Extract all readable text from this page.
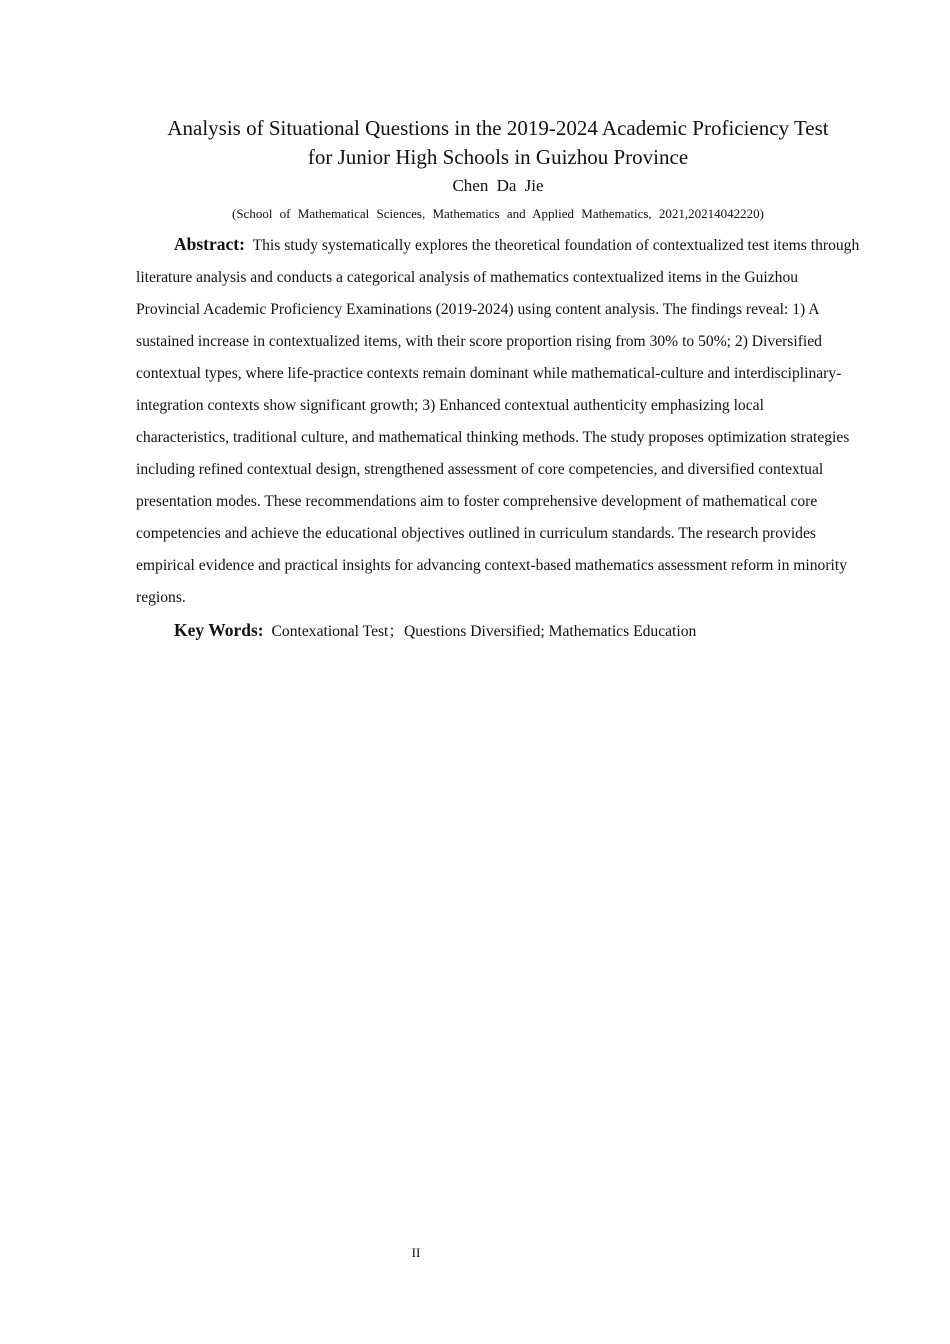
Analysis of Situational Questions in the 2019-2024 Academic Proficiency Test
for Junior High Schools in Guizhou Province

Chen Da Jie

(School of Mathematical Sciences, Mathematics and Applied Mathematics, 2021,20214042220)

Abstract: This study systematically explores the theoretical foundation of contextualized test items through literature analysis and conducts a categorical analysis of mathematics contextualized items in the Guizhou Provincial Academic Proficiency Examinations (2019-2024) using content analysis. The findings reveal: 1) A sustained increase in contextualized items, with their score proportion rising from 30% to 50%; 2) Diversified contextual types, where life-practice contexts remain dominant while mathematical-culture and interdisciplinary-integration contexts show significant growth; 3) Enhanced contextual authenticity emphasizing local characteristics, traditional culture, and mathematical thinking methods. The study proposes optimization strategies including refined contextual design, strengthened assessment of core competencies, and diversified contextual presentation modes. These recommendations aim to foster comprehensive development of mathematical core competencies and achieve the educational objectives outlined in curriculum standards. The research provides empirical evidence and practical insights for advancing context-based mathematics assessment reform in minority regions.

Key Words: Contexational Test；Questions Diversified; Mathematics Education

II
